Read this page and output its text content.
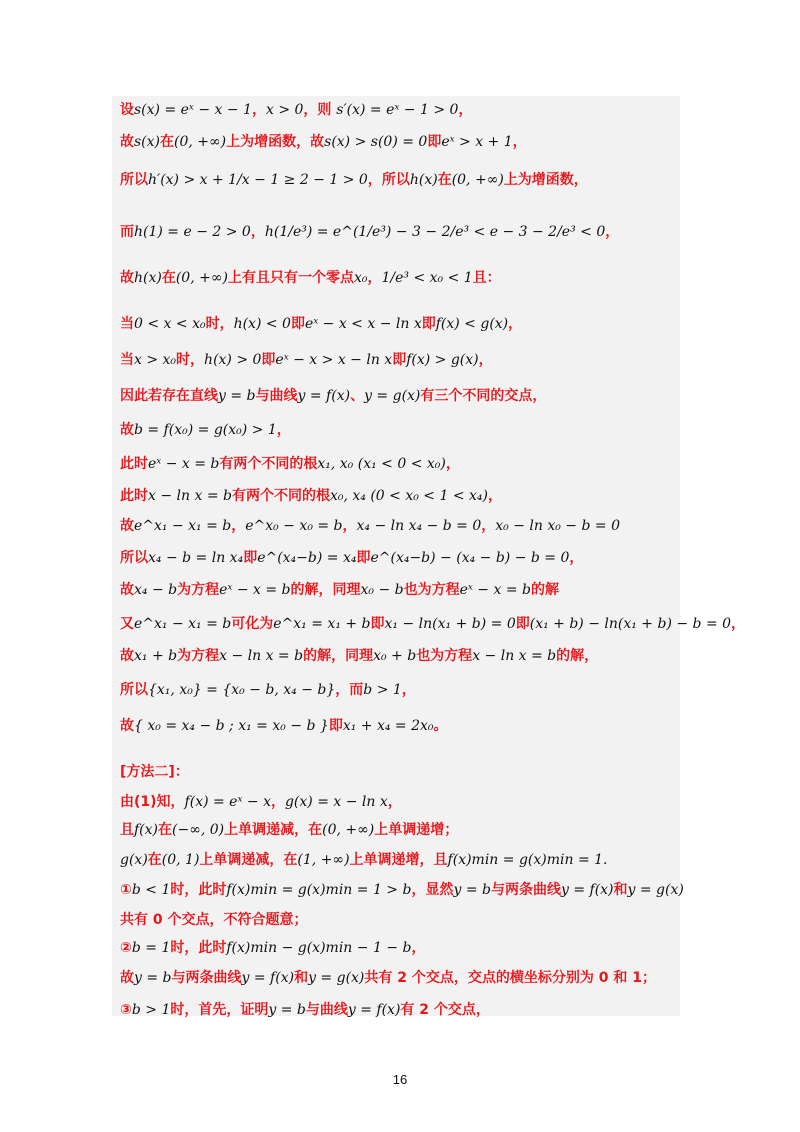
设s(x) = eˣ − x − 1，x > 0，则 s′(x) = eˣ − 1 > 0，
故s(x)在(0, +∞)上为增函数，故s(x) > s(0) = 0即eˣ > x + 1，
所以h′(x) > x + 1/x − 1 ≥ 2 − 1 > 0，所以h(x)在(0, +∞)上为增函数，
而h(1) = e − 2 > 0，h(1/e³) = e^(1/e³) − 3 − 2/e³ < e − 3 − 2/e³ < 0，
故h(x)在(0, +∞)上有且只有一个零点x₀，1/e³ < x₀ < 1且：
当0 < x < x₀时，h(x) < 0即eˣ − x < x − ln x即f(x) < g(x)，
当x > x₀时，h(x) > 0即eˣ − x > x − ln x即f(x) > g(x)，
因此若存在直线y = b与曲线y = f(x)、y = g(x)有三个不同的交点，
故b = f(x₀) = g(x₀) > 1，
此时eˣ − x = b有两个不同的根x₁, x₀ (x₁ < 0 < x₀)，
此时x − ln x = b有两个不同的根x₀, x₄ (0 < x₀ < 1 < x₄)，
故e^x₁ − x₁ = b，e^x₀ − x₀ = b，x₄ − ln x₄ − b = 0，x₀ − ln x₀ − b = 0
所以x₄ − b = ln x₄即e^(x₄−b) = x₄即e^(x₄−b) − (x₄ − b) − b = 0，
故x₄ − b为方程eˣ − x = b的解，同理x₀ − b也为方程eˣ − x = b的解
又e^x₁ − x₁ = b可化为e^x₁ = x₁ + b即x₁ − ln(x₁ + b) = 0即(x₁ + b) − ln(x₁ + b) − b = 0，
故x₁ + b为方程x − ln x = b的解，同理x₀ + b也为方程x − ln x = b的解，
所以{x₁, x₀} = {x₀ − b, x₄ − b}，而b > 1，
故{ x₀ = x₄ − b ; x₁ = x₀ − b }即x₁ + x₄ = 2x₀。
[方法二]：
由(1)知，f(x) = eˣ − x，g(x) = x − ln x，
且f(x)在(−∞, 0)上单调递减，在(0, +∞)上单调递增；
g(x)在(0, 1)上单调递减，在(1, +∞)上单调递增，且f(x)min = g(x)min = 1.
①b < 1时，此时f(x)min = g(x)min = 1 > b，显然y = b与两条曲线y = f(x)和y = g(x)
共有 0 个交点，不符合题意；
②b = 1时，此时f(x)min − g(x)min − 1 − b，
故y = b与两条曲线y = f(x)和y = g(x)共有 2 个交点，交点的横坐标分别为 0 和 1；
③b > 1时，首先，证明y = b与曲线y = f(x)有 2 个交点，
16
